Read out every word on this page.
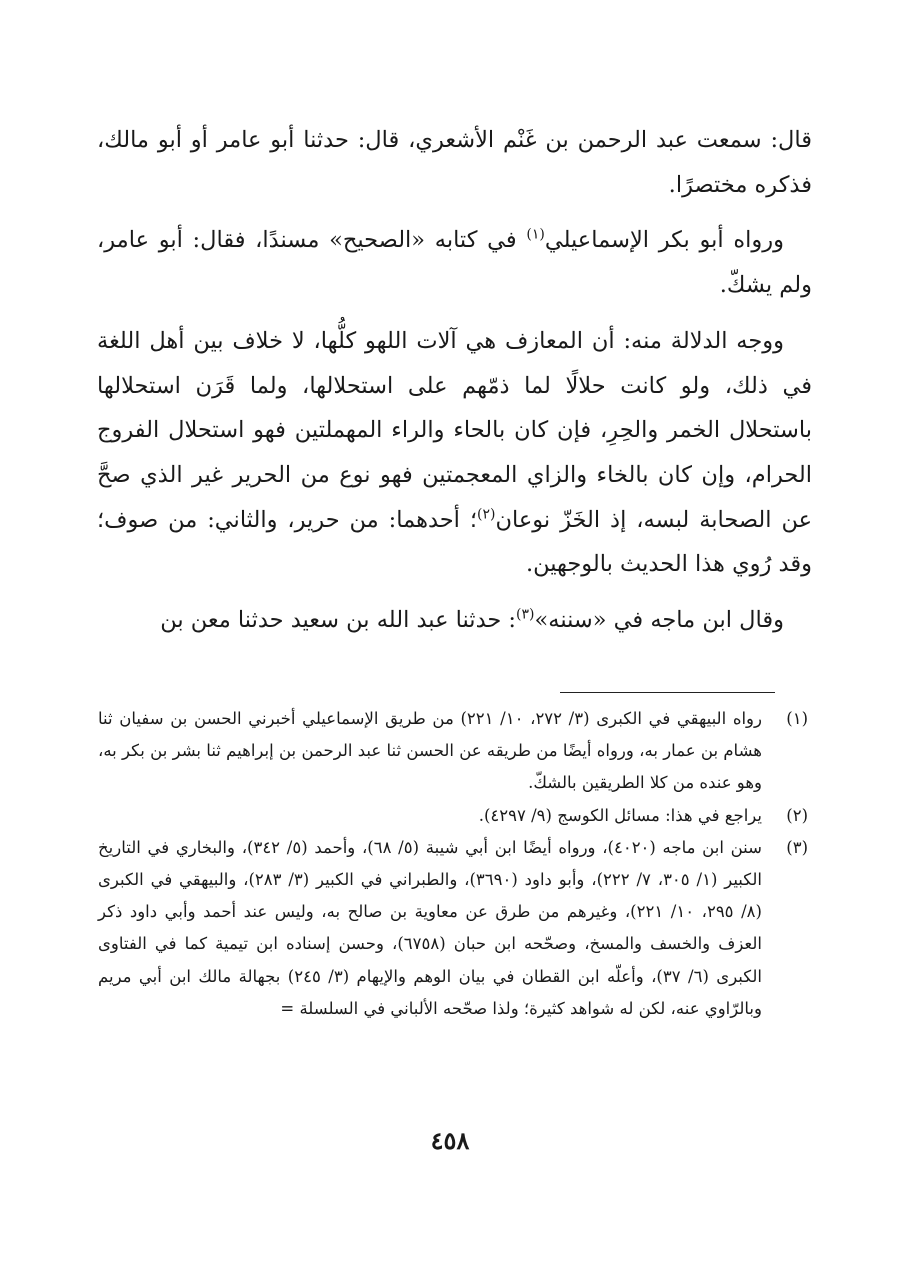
قال: سمعت عبد الرحمن بن غَنْم الأشعري، قال: حدثنا أبو عامر أو أبو مالك، فذكره مختصرًا.

ورواه أبو بكر الإسماعيلي$^{(١)}$ في كتابه «الصحيح» مسندًا، فقال: أبو عامر، ولم يشكّ.

ووجه الدلالة منه: أن المعازف هي آلات اللهو كلُّها، لا خلاف بين أهل اللغة في ذلك، ولو كانت حلالًا لما ذمّهم على استحلالها، ولما قَرَن استحلالها باستحلال الخمر والحِرِ، فإن كان بالحاء والراء المهملتين فهو استحلال الفروج الحرام، وإن كان بالخاء والزاي المعجمتين فهو نوع من الحرير غير الذي صحَّ عن الصحابة لبسه، إذ الخَزّ نوعان$^{(٢)}$؛ أحدهما: من حرير، والثاني: من صوف؛ وقد رُوي هذا الحديث بالوجهين.

وقال ابن ماجه في «سننه»$^{(٣)}$: حدثنا عبد الله بن سعيد حدثنا معن بن

(١)
رواه البيهقي في الكبرى (٣/ ٢٧٢، ١٠/ ٢٢١) من طريق الإسماعيلي أخبرني الحسن بن سفيان ثنا هشام بن عمار به، ورواه أيضًا من طريقه عن الحسن ثنا عبد الرحمن بن إبراهيم ثنا بشر بن بكر به، وهو عنده من كلا الطريقين بالشكّ.

(٢)
يراجع في هذا: مسائل الكوسج (٩/ ٤٢٩٧).

(٣)
سنن ابن ماجه (٤٠٢٠)، ورواه أيضًا ابن أبي شيبة (٥/ ٦٨)، وأحمد (٥/ ٣٤٢)، والبخاري في التاريخ الكبير (١/ ٣٠٥، ٧/ ٢٢٢)، وأبو داود (٣٦٩٠)، والطبراني في الكبير (٣/ ٢٨٣)، والبيهقي في الكبرى (٨/ ٢٩٥، ١٠/ ٢٢١)، وغيرهم من طرق عن معاوية بن صالح به، وليس عند أحمد وأبي داود ذكر العزف والخسف والمسخ، وصحّحه ابن حبان (٦٧٥٨)، وحسن إسناده ابن تيمية كما في الفتاوى الكبرى (٦/ ٣٧)، وأعلّه ابن القطان في بيان الوهم والإيهام (٣/ ٢٤٥) بجهالة مالك ابن أبي مريم وبالرّاوي عنه، لكن له شواهد كثيرة؛ ولذا صحّحه الألباني في السلسلة =

٤٥٨
